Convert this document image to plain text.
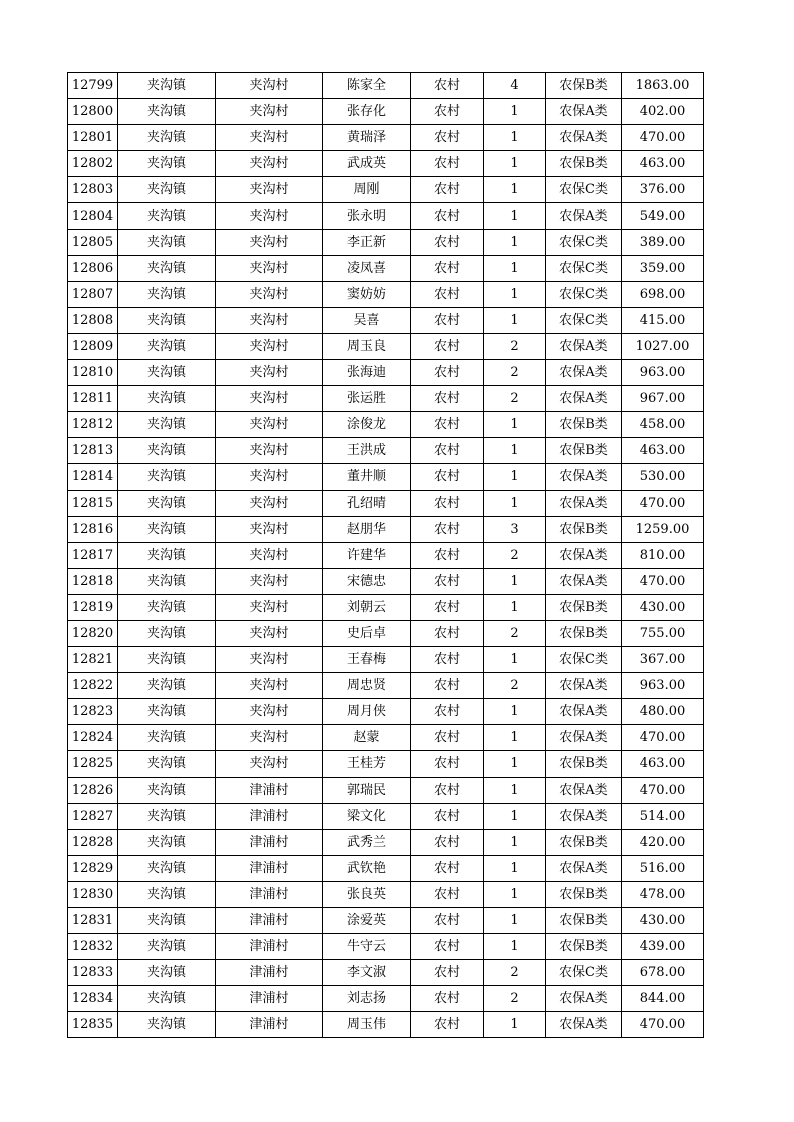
12799	夹沟镇	夹沟村	陈家全	农村	4	农保B类	1863.00
12800	夹沟镇	夹沟村	张存化	农村	1	农保A类	402.00
12801	夹沟镇	夹沟村	黄瑞泽	农村	1	农保A类	470.00
12802	夹沟镇	夹沟村	武成英	农村	1	农保B类	463.00
12803	夹沟镇	夹沟村	周刚	农村	1	农保C类	376.00
12804	夹沟镇	夹沟村	张永明	农村	1	农保A类	549.00
12805	夹沟镇	夹沟村	李正新	农村	1	农保C类	389.00
12806	夹沟镇	夹沟村	凌凤喜	农村	1	农保C类	359.00
12807	夹沟镇	夹沟村	窦妨妨	农村	1	农保C类	698.00
12808	夹沟镇	夹沟村	吴喜	农村	1	农保C类	415.00
12809	夹沟镇	夹沟村	周玉良	农村	2	农保A类	1027.00
12810	夹沟镇	夹沟村	张海迪	农村	2	农保A类	963.00
12811	夹沟镇	夹沟村	张运胜	农村	2	农保A类	967.00
12812	夹沟镇	夹沟村	涂俊龙	农村	1	农保B类	458.00
12813	夹沟镇	夹沟村	王洪成	农村	1	农保B类	463.00
12814	夹沟镇	夹沟村	董井顺	农村	1	农保A类	530.00
12815	夹沟镇	夹沟村	孔绍晴	农村	1	农保A类	470.00
12816	夹沟镇	夹沟村	赵朋华	农村	3	农保B类	1259.00
12817	夹沟镇	夹沟村	许建华	农村	2	农保A类	810.00
12818	夹沟镇	夹沟村	宋德忠	农村	1	农保A类	470.00
12819	夹沟镇	夹沟村	刘朝云	农村	1	农保B类	430.00
12820	夹沟镇	夹沟村	史后卓	农村	2	农保B类	755.00
12821	夹沟镇	夹沟村	王春梅	农村	1	农保C类	367.00
12822	夹沟镇	夹沟村	周忠贤	农村	2	农保A类	963.00
12823	夹沟镇	夹沟村	周月侠	农村	1	农保A类	480.00
12824	夹沟镇	夹沟村	赵蒙	农村	1	农保A类	470.00
12825	夹沟镇	夹沟村	王桂芳	农村	1	农保B类	463.00
12826	夹沟镇	津浦村	郭瑞民	农村	1	农保A类	470.00
12827	夹沟镇	津浦村	梁文化	农村	1	农保A类	514.00
12828	夹沟镇	津浦村	武秀兰	农村	1	农保B类	420.00
12829	夹沟镇	津浦村	武钦艳	农村	1	农保A类	516.00
12830	夹沟镇	津浦村	张良英	农村	1	农保B类	478.00
12831	夹沟镇	津浦村	涂爱英	农村	1	农保B类	430.00
12832	夹沟镇	津浦村	牛守云	农村	1	农保B类	439.00
12833	夹沟镇	津浦村	李文淑	农村	2	农保C类	678.00
12834	夹沟镇	津浦村	刘志扬	农村	2	农保A类	844.00
12835	夹沟镇	津浦村	周玉伟	农村	1	农保A类	470.00
